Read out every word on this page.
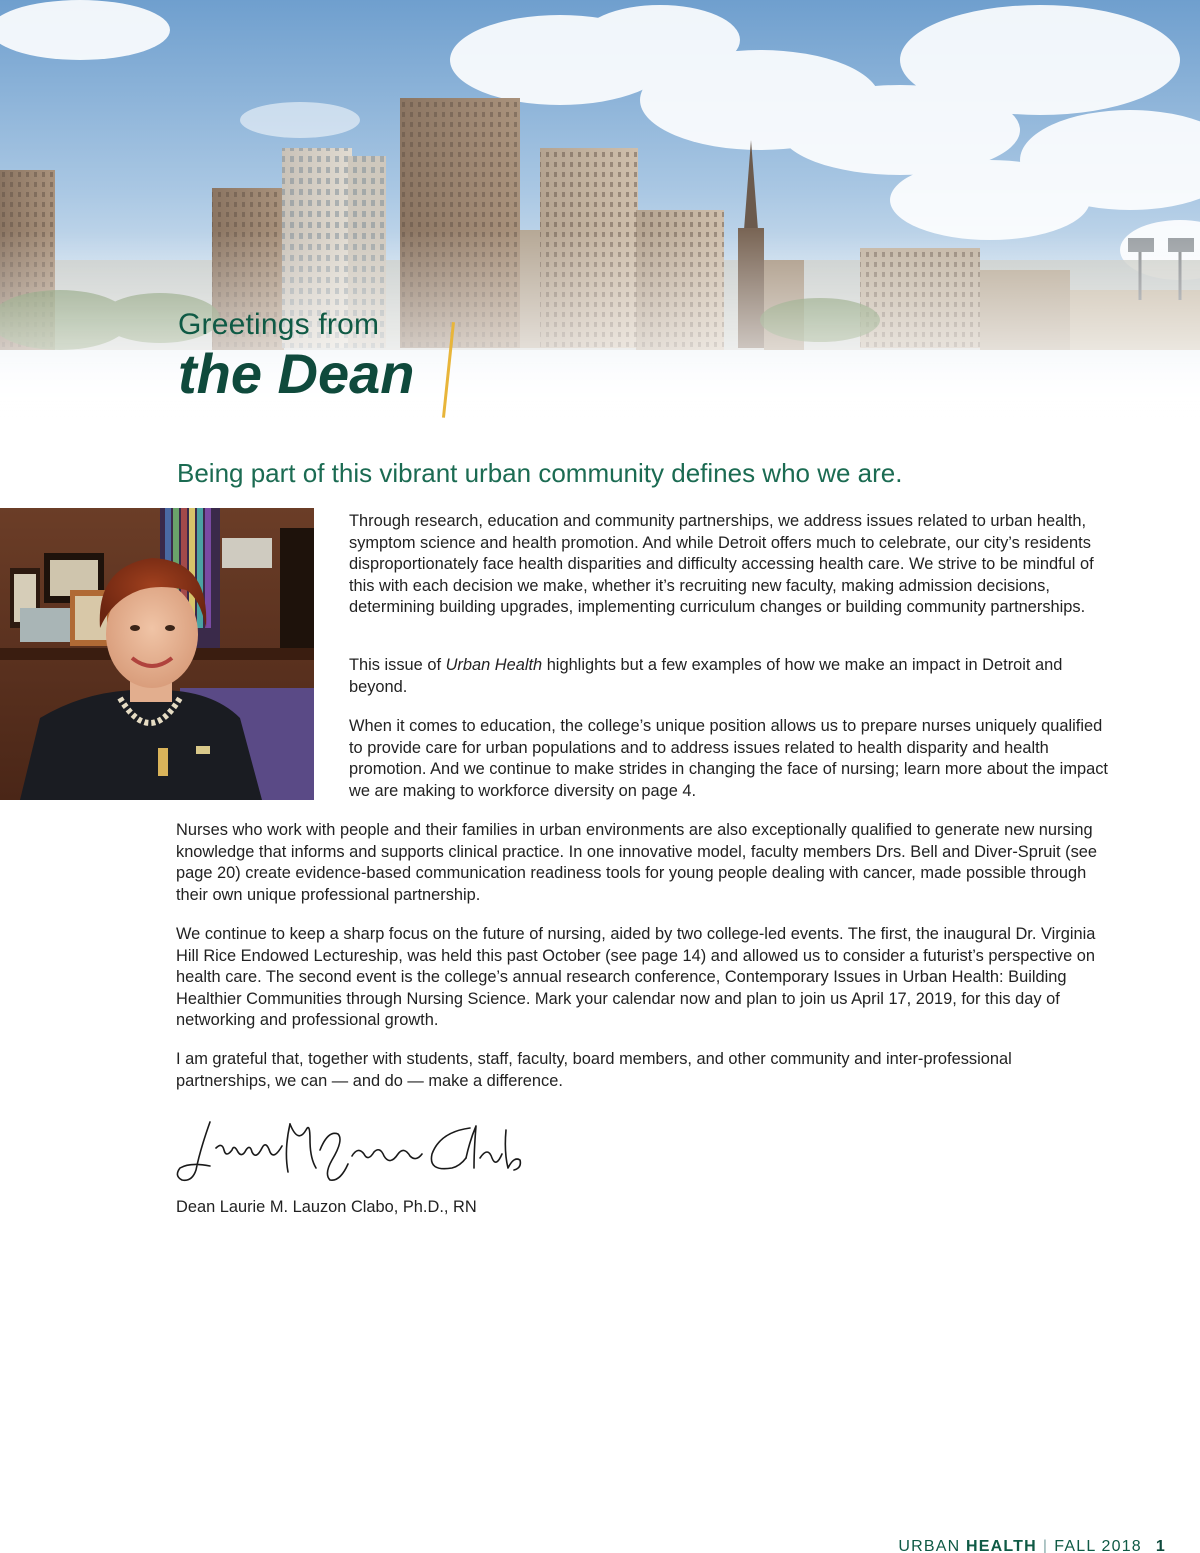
Greetings from
the Dean
Being part of this vibrant urban community defines who we are.

Through research, education and community partnerships, we address issues related to urban health, symptom science and health promotion. And while Detroit offers much to celebrate, our city’s residents disproportionately face health disparities and difficulty accessing health care. We strive to be mindful of this with each decision we make, whether it’s recruiting new faculty, making admission decisions, determining building upgrades, implementing curriculum changes or building community partnerships.

This issue of Urban Health highlights but a few examples of how we make an impact in Detroit and beyond.

When it comes to education, the college’s unique position allows us to prepare nurses uniquely qualified to provide care for urban populations and to address issues related to health disparity and health promotion. And we continue to make strides in changing the face of nursing; learn more about the impact we are making to workforce diversity on page 4.

Nurses who work with people and their families in urban environments are also exceptionally qualified to generate new nursing knowledge that informs and supports clinical practice. In one innovative model, faculty members Drs. Bell and Diver-Spruit (see page 20) create evidence-based communication readiness tools for young people dealing with cancer, made possible through their own unique professional partnership.

We continue to keep a sharp focus on the future of nursing, aided by two college-led events. The first, the inaugural Dr. Virginia Hill Rice Endowed Lectureship, was held this past October (see page 14) and allowed us to consider a futurist’s perspective on health care. The second event is the college’s annual research conference, Contemporary Issues in Urban Health: Building Healthier Communities through Nursing Science. Mark your calendar now and plan to join us April 17, 2019, for this day of networking and professional growth.

I am grateful that, together with students, staff, faculty, board members, and other community and inter-professional partnerships, we can — and do — make a difference.

Dean Laurie M. Lauzon Clabo, Ph.D., RN
URBAN HEALTH | FALL 2018 1
